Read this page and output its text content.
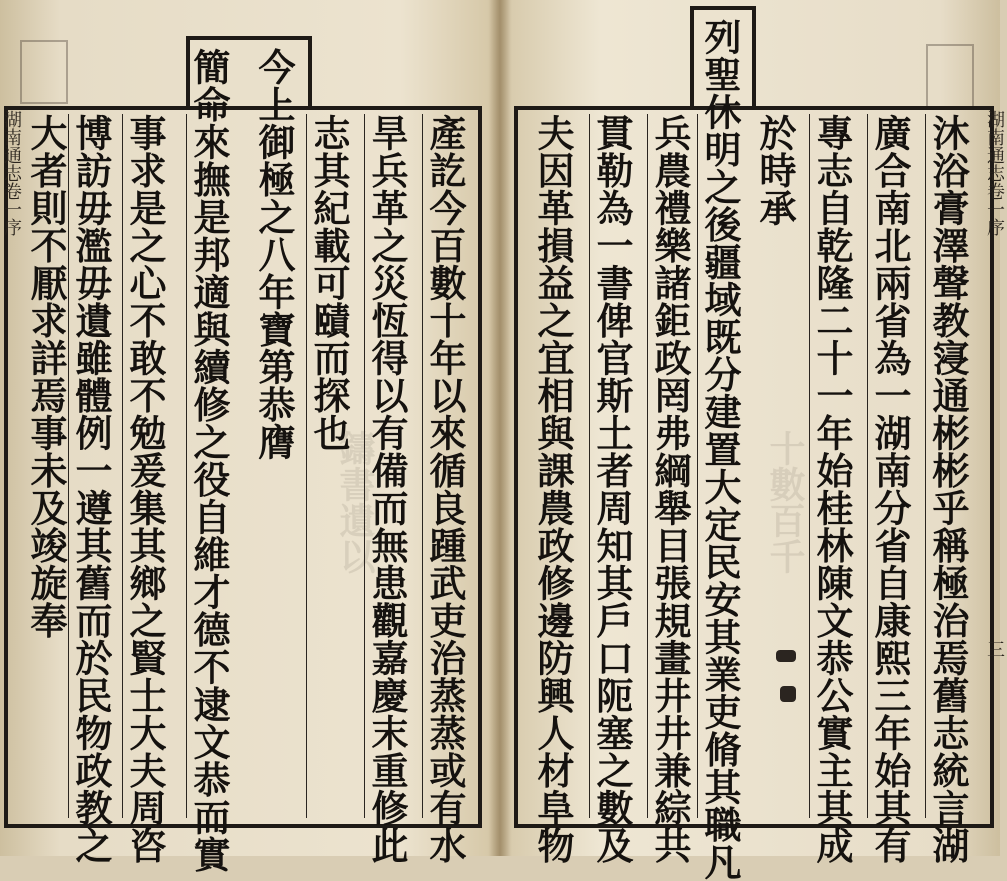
鑄書遺以	十數百千
湖南通志卷一序 大者則不厭求詳焉事未及竣旋奉 博訪毋濫毋遺雖體例一遵其舊而於民物政教之 事求是之心不敢不勉爰集其鄉之賢士大夫周咨 簡命來撫是邦適與續修之役自維才德不逮文恭而實 今上御極之八年寶第恭膺 志其紀載可賾而探也 旱兵革之災恆得以有備而無患觀嘉慶末重修此 產訖今百數十年以來循良踵武吏治蒸蒸或有水	湖南通志卷一序
三
夫因革損益之宜相與課農政修邊防興人材阜物 貫勒為一書俾官斯土者周知其戶口阨塞之數及 兵農禮樂諸鉅政罔弗綱舉目張規畫井井兼綜共 列聖休明之後疆域既分建置大定民安其業吏脩其職凡 於時承 專志自乾隆二十一年始桂林陳文恭公實主其成 廣合南北兩省為一湖南分省自康熙三年始其有 沐浴膏澤聲教寖通彬彬乎稱極治焉舊志統言湖
